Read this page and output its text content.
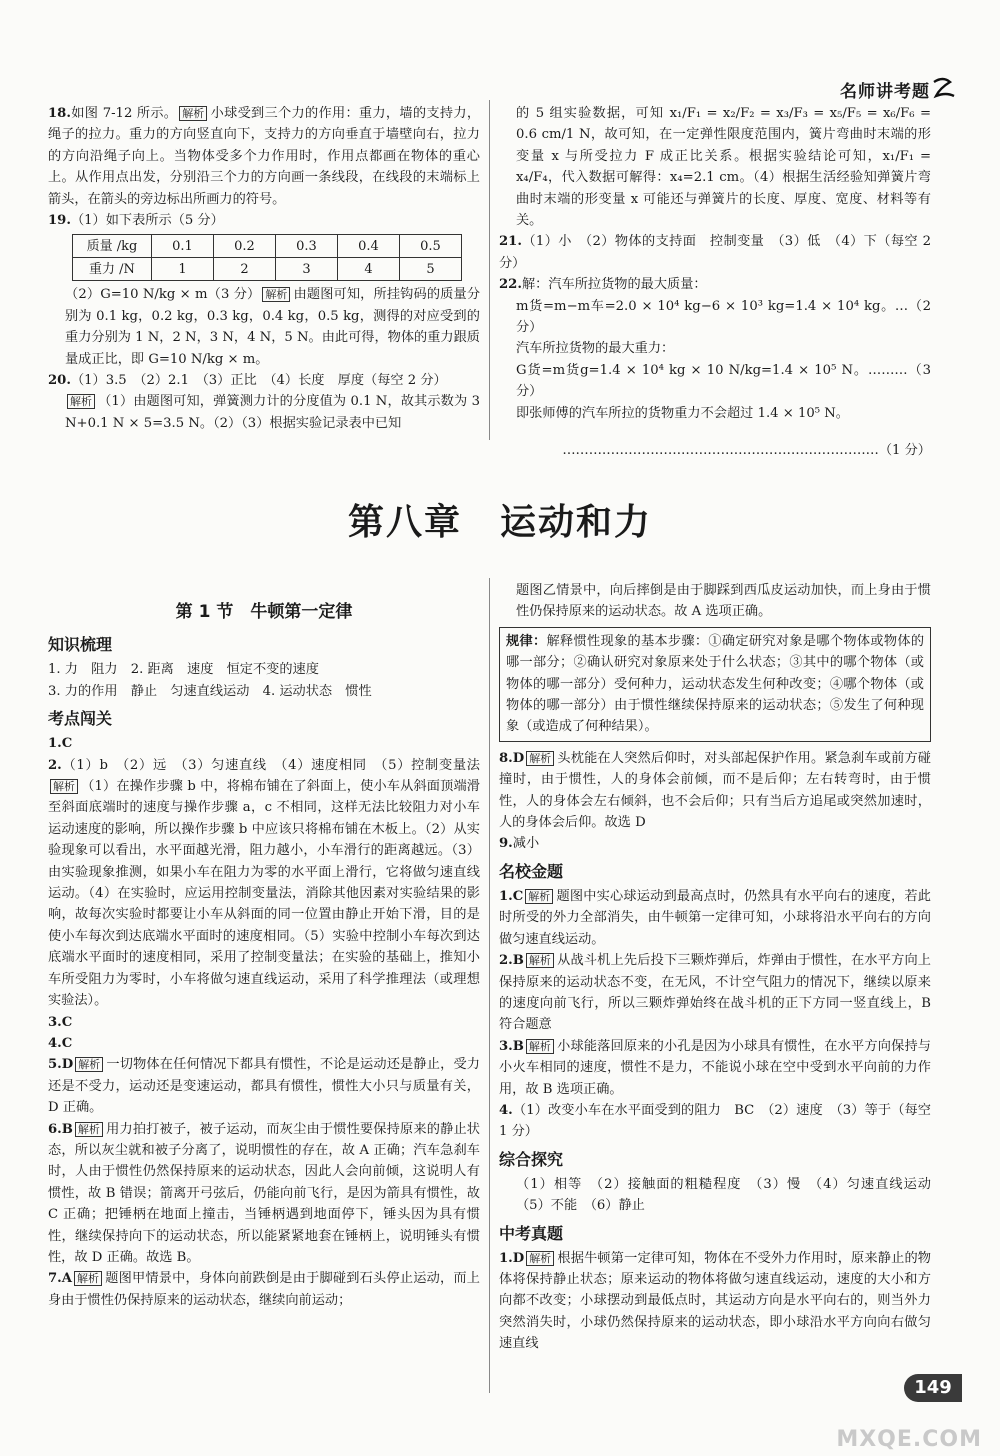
名师讲考题

18.如图 7-12 所示。 解析 小球受到三个力的作用：重力，墙的支持力，绳子的拉力。重力的方向竖直向下，支持力的方向垂直于墙壁向右，拉力的方向沿绳子向上。当物体受多个力作用时，作用点都画在物体的重心上。从作用点出发，分别沿三个力的方向画一条线段，在线段的末端标上箭头，在箭头的旁边标出所画力的符号。

19.（1）如下表所示（5 分）

质量 /kg	0.1	0.2	0.3	0.4	0.5
重力 /N	1	2	3	4	5

（2）G=10 N/kg × m（3 分） 解析 由题图可知，所挂钩码的质量分别为 0.1 kg，0.2 kg，0.3 kg，0.4 kg，0.5 kg，测得的对应受到的重力分别为 1 N，2 N，3 N，4 N，5 N。由此可得，物体的重力跟质量成正比，即 G=10 N/kg × m。

20.（1）3.5　（2）2.1　（3）正比　（4）长度　厚度（每空 2 分）

解析 （1）由题图可知，弹簧测力计的分度值为 0.1 N，故其示数为 3 N+0.1 N × 5=3.5 N。（2）（3）根据实验记录表中已知

的 5 组实验数据，可知 x₁/F₁ = x₂/F₂ = x₃/F₃ = x₅/F₅ = x₆/F₆ = 0.6 cm/1 N，故可知，在一定弹性限度范围内，簧片弯曲时末端的形变量 x 与所受拉力 F 成正比关系。根据实验结论可知，x₁/F₁ = x₄/F₄，代入数据可解得：x₄=2.1 cm。（4）根据生活经验知弹簧片弯曲时末端的形变量 x 可能还与弹簧片的长度、厚度、宽度、材料等有关。

21.（1）小　（2）物体的支持面　控制变量　（3）低　（4）下（每空 2 分）

22.解：汽车所拉货物的最大质量：

m货=m−m车=2.0 × 10⁴ kg−6 × 10³ kg=1.4 × 10⁴ kg。…（2 分）

汽车所拉货物的最大重力：

G货=m货g=1.4 × 10⁴ kg × 10 N/kg=1.4 × 10⁵ N。………（3 分）

即张师傅的汽车所拉的货物重力不会超过 1.4 × 10⁵ N。

………………………………………………………………（1 分）

第八章　运动和力
第 1 节　牛顿第一定律
知识梳理

1. 力　阻力　2. 距离　速度　恒定不变的速度

3. 力的作用　静止　匀速直线运动　4. 运动状态　惯性

考点闯关

1.C

2.（1）b　（2）远　（3）匀速直线　（4）速度相同　（5）控制变量法解析 （1）在操作步骤 b 中，将棉布铺在了斜面上，使小车从斜面顶端滑至斜面底端时的速度与操作步骤 a，c 不相同，这样无法比较阻力对小车运动速度的影响，所以操作步骤 b 中应该只将棉布铺在木板上。（2）从实验现象可以看出，水平面越光滑，阻力越小，小车滑行的距离越远。（3）由实验现象推测，如果小车在阻力为零的水平面上滑行，它将做匀速直线运动。（4）在实验时，应运用控制变量法，消除其他因素对实验结果的影响，故每次实验时都要让小车从斜面的同一位置由静止开始下滑，目的是使小车每次到达底端水平面时的速度相同。（5）实验中控制小车每次到达底端水平面时的速度相同，采用了控制变量法；在实验的基础上，推知小车所受阻力为零时，小车将做匀速直线运动，采用了科学推理法（或理想实验法）。

3.C

4.C

5.D 解析 一切物体在任何情况下都具有惯性，不论是运动还是静止，受力还是不受力，运动还是变速运动，都具有惯性，惯性大小只与质量有关，D 正确。

6.B 解析 用力拍打被子，被子运动，而灰尘由于惯性要保持原来的静止状态，所以灰尘就和被子分离了，说明惯性的存在，故 A 正确；汽车急刹车时，人由于惯性仍然保持原来的运动状态，因此人会向前倾，这说明人有惯性，故 B 错误；箭离开弓弦后，仍能向前飞行，是因为箭具有惯性，故 C 正确；把锤柄在地面上撞击，当锤柄遇到地面停下，锤头因为具有惯性，继续保持向下的运动状态，所以能紧紧地套在锤柄上，说明锤头有惯性，故 D 正确。故选 B。

7.A 解析 题图甲情景中，身体向前跌倒是由于脚碰到石头停止运动，而上身由于惯性仍保持原来的运动状态，继续向前运动；

题图乙情景中，向后摔倒是由于脚踩到西瓜皮运动加快，而上身由于惯性仍保持原来的运动状态。故 A 选项正确。

规律：解释惯性现象的基本步骤：①确定研究对象是哪个物体或物体的哪一部分；②确认研究对象原来处于什么状态；③其中的哪个物体（或物体的哪一部分）受何种力，运动状态发生何种改变；④哪个物体（或物体的哪一部分）由于惯性继续保持原来的运动状态；⑤发生了何种现象（或造成了何种结果）。

8.D 解析 头枕能在人突然后仰时，对头部起保护作用。紧急刹车或前方碰撞时，由于惯性，人的身体会前倾，而不是后仰；左右转弯时，由于惯性，人的身体会左右倾斜，也不会后仰；只有当后方追尾或突然加速时，人的身体会后仰。故选 D

9.减小

名校金题

1.C 解析 题图中实心球运动到最高点时，仍然具有水平向右的速度，若此时所受的外力全部消失，由牛顿第一定律可知，小球将沿水平向右的方向做匀速直线运动。

2.B 解析 从战斗机上先后投下三颗炸弹后，炸弹由于惯性，在水平方向上保持原来的运动状态不变，在无风，不计空气阻力的情况下，继续以原来的速度向前飞行，所以三颗炸弹始终在战斗机的正下方同一竖直线上，B 符合题意

3.B 解析 小球能落回原来的小孔是因为小球具有惯性，在水平方向保持与小火车相同的速度，惯性不是力，不能说小球在空中受到水平向前的力作用，故 B 选项正确。

4.（1）改变小车在水平面受到的阻力　BC　（2）速度　（3）等于（每空 1 分）

综合探究

（1）相等　（2）接触面的粗糙程度　（3）慢　（4）匀速直线运动　（5）不能　（6）静止

中考真题

1.D 解析 根据牛顿第一定律可知，物体在不受外力作用时，原来静止的物体将保持静止状态；原来运动的物体将做匀速直线运动，速度的大小和方向都不改变；小球摆动到最低点时，其运动方向是水平向右的，则当外力突然消失时，小球仍然保持原来的运动状态，即小球沿水平方向向右做匀速直线

149
MXQE.COM
